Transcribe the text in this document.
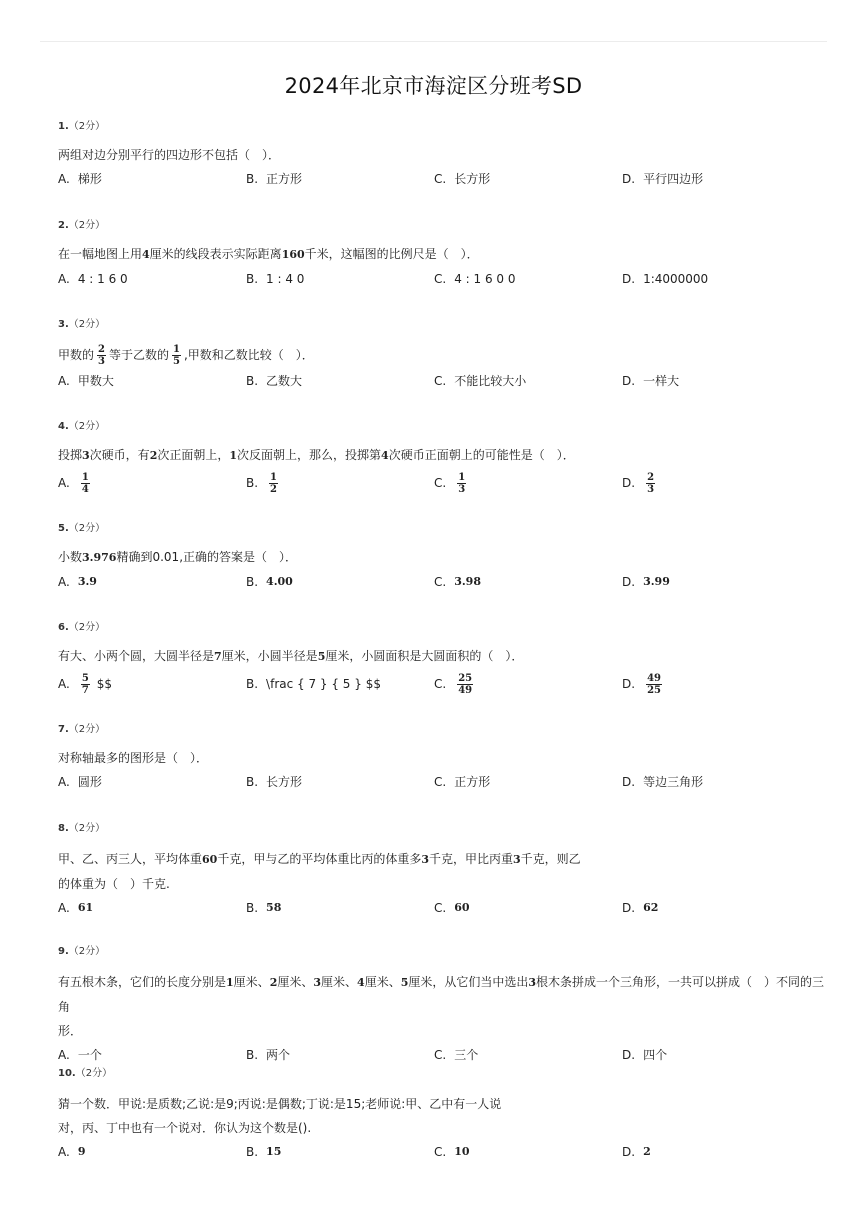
2024年北京市海淀区分班考SD
1.（2分）
两组对边分别平行的四边形不包括（　）．
A. 梯形	B. 正方形	C. 长方形	D. 平行四边形
2.（2分）
在一幅地图上用4厘米的线段表示实际距离160千米，这幅图的比例尺是（　）．
A. 4 : 1 6 0	B. 1 : 4 0	C. 4 : 1 6 0 0	D. 1:4000000
3.（2分）
甲数的 $\frac{2}{3}$ 等于乙数的 $\frac{1}{5}$ ,甲数和乙数比较（　）．
A. 甲数大	B. 乙数大	C. 不能比较大小	D. 一样大
4.（2分）
投掷3次硬币，有2次正面朝上，1次反面朝上，那么，投掷第4次硬币正面朝上的可能性是（　）．
A. $\frac{1}{4}$	B. $\frac{1}{2}$	C. $\frac{1}{3}$	D. $\frac{2}{3}$
5.（2分）
小数3.976精确到0.01,正确的答案是（　）．
A. 3.9	B. 4.00	C. 3.98	D. 3.99
6.（2分）
有大、小两个圆，大圆半径是7厘米，小圆半径是5厘米，小圆面积是大圆面积的（　）．
A. $\frac{5}{7}$ $$	B. \frac { 7 } { 5 } $$	C. $\frac{25}{49}$	D. $\frac{49}{25}$
7.（2分）
对称轴最多的图形是（　）．
A. 圆形	B. 长方形	C. 正方形	D. 等边三角形
8.（2分）
甲、乙、丙三人，平均体重60千克，甲与乙的平均体重比丙的体重多3千克，甲比丙重3千克，则乙
的体重为（　）千克.
A. 61	B. 58	C. 60	D. 62
9.（2分）
有五根木条，它们的长度分别是1厘米、2厘米、3厘米、4厘米、5厘米，从它们当中选出3根木条拼成一个三角形，一共可以拼成（　）不同的三角
形．
A. 一个	B. 两个	C. 三个	D. 四个
10.（2分）
猜一个数．甲说:是质数;乙说:是9;丙说:是偶数;丁说:是15;老师说:甲、乙中有一人说
对，丙、丁中也有一个说对．你认为这个数是().
A. 9	B. 15	C. 10	D. 2
